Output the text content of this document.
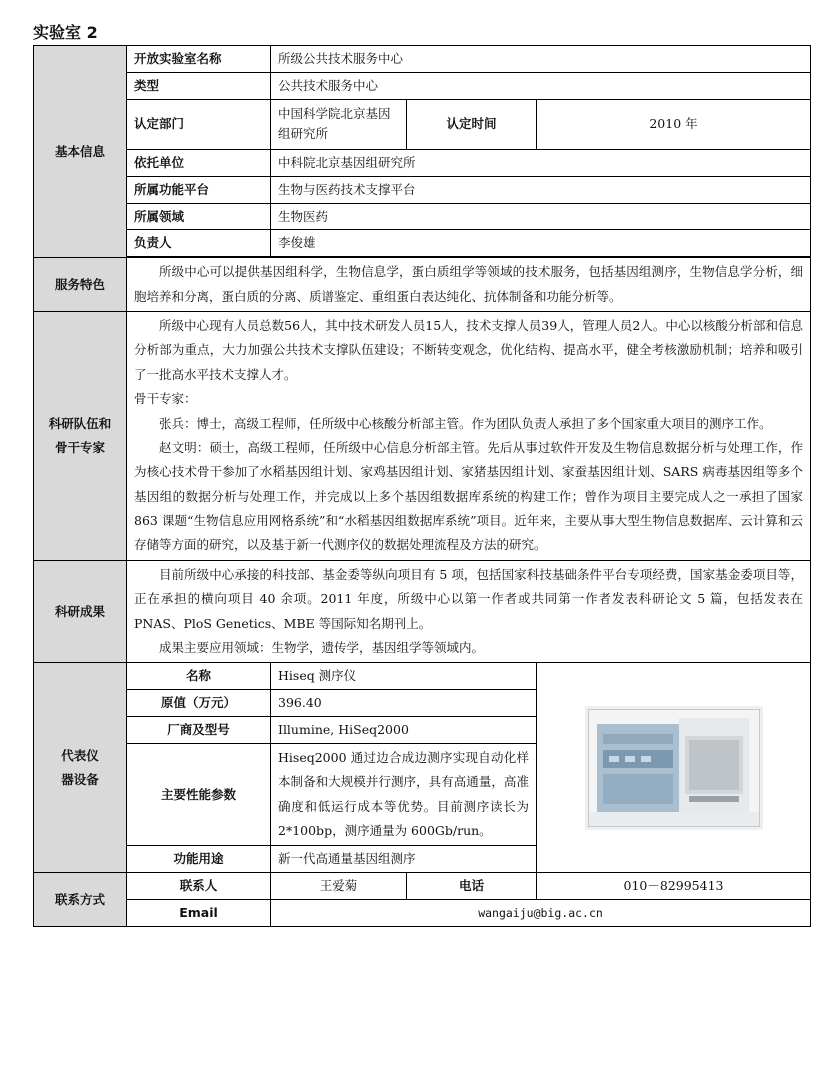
实验室 2
基本信息	开放实验室名称	所级公共技术服务中心		
	类型	公共技术服务中心		
	认定部门	中国科学院北京基因组研究所	认定时间	2010 年
	依托单位	中科院北京基因组研究所		
	所属功能平台	生物与医药技术支撑平台		
	所属领域	生物医药		
	负责人	李俊雄		

服务特色	所级中心可以提供基因组科学，生物信息学，蛋白质组学等领域的技术服务，包括基因组测序，生物信息学分析，细胞培养和分离，蛋白质的分离、质谱鉴定、重组蛋白表达纯化、抗体制备和功能分析等。			

科研队伍和骨干专家	所级中心现有人员总数56人，其中技术研发人员15人，技术支撑人员39人，管理人员2人。中心以核酸分析部和信息分析部为重点，大力加强公共技术支撑队伍建设；不断转变观念，优化结构、提高水平，健全考核激励机制；培养和吸引了一批高水平技术支撑人才。
骨干专家：
张兵：博士，高级工程师，任所级中心核酸分析部主管。作为团队负责人承担了多个国家重大项目的测序工作。
赵文明：硕士，高级工程师，任所级中心信息分析部主管。先后从事过软件开发及生物信息数据分析与处理工作，作为核心技术骨干参加了水稻基因组计划、家鸡基因组计划、家猪基因组计划、家蚕基因组计划、SARS 病毒基因组等多个基因组的数据分析与处理工作，并完成以上多个基因组数据库系统的构建工作；曾作为项目主要完成人之一承担了国家 863 课题“生物信息应用网格系统”和“水稻基因组数据库系统”项目。近年来，主要从事大型生物信息数据库、云计算和云存储等方面的研究，以及基于新一代测序仪的数据处理流程及方法的研究。			

科研成果	目前所级中心承接的科技部、基金委等纵向项目有 5 项，包括国家科技基础条件平台专项经费，国家基金委项目等，正在承担的横向项目 40 余项。2011 年度，所级中心以第一作者或共同第一作者发表科研论文 5 篇，包括发表在 PNAS、PloS Genetics、MBE 等国际知名期刊上。
成果主要应用领域：生物学，遗传学，基因组学等领域内。			

代表仪器设备	名称	Hiseq 测序仪	

	原值（万元）	396.40		
	厂商及型号	Illumine, HiSeq2000		
	主要性能参数	Hiseq2000 通过边合成边测序实现自动化样本制备和大规模并行测序，具有高通量，高准确度和低运行成本等优势。目前测序读长为 2*100bp，测序通量为 600Gb/run。		
	功能用途	新一代高通量基因组测序		
联系方式	联系人	王爱菊	电话	010－82995413
	Email	wangaiju@big.ac.cn		
